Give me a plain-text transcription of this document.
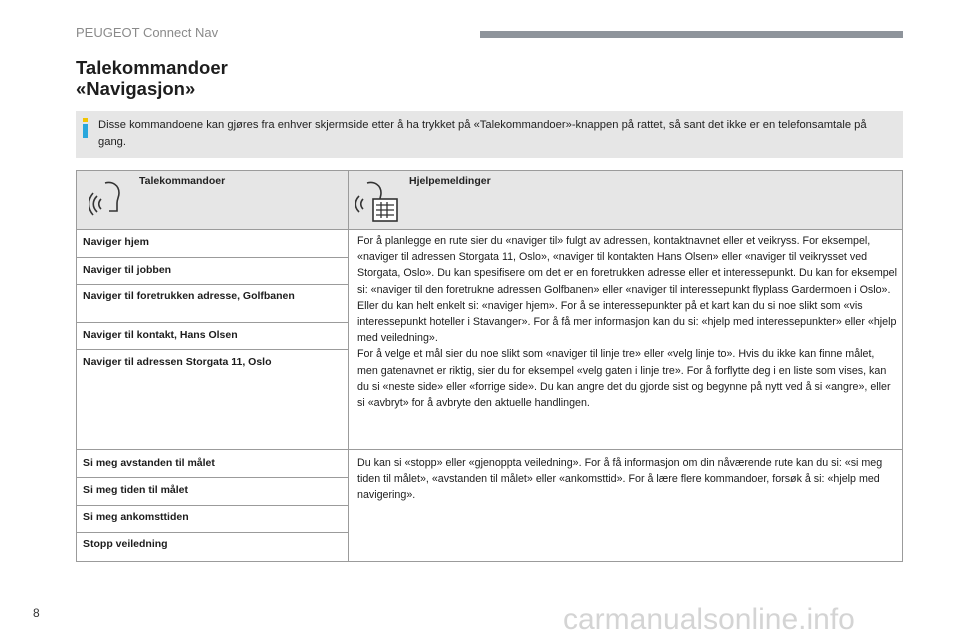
PEUGEOT Connect Nav
Talekommandoer
«Navigasjon»
Disse kommandoene kan gjøres fra enhver skjermside etter å ha trykket på «Talekommandoer»-knappen på rattet, så sant det ikke er en telefonsamtale på gang.
Talekommandoer	Hjelpemeldinger
Naviger hjem
Naviger til jobben
Naviger til foretrukken adresse, Golfbanen
Naviger til kontakt, Hans Olsen
Naviger til adressen Storgata 11, Oslo
For å planlegge en rute sier du «naviger til» fulgt av adressen, kontaktnavnet eller et veikryss. For eksempel, «naviger til adressen Storgata 11, Oslo», «naviger til kontakten Hans Olsen» eller «naviger til veikrysset ved Storgata, Oslo». Du kan spesifisere om det er en foretrukken adresse eller et interessepunkt. Du kan for eksempel si: «naviger til den foretrukne adressen Golfbanen» eller «naviger til interessepunkt flyplass Gardermoen i Oslo». Eller du kan helt enkelt si: «naviger hjem». For å se interessepunkter på et kart kan du si noe slikt som «vis interessepunkt hoteller i Stavanger». For å få mer informasjon kan du si: «hjelp med interessepunkter» eller «hjelp med veiledning».
For å velge et mål sier du noe slikt som «naviger til linje tre» eller «velg linje to». Hvis du ikke kan finne målet, men gatenavnet er riktig, sier du for eksempel «velg gaten i linje tre». For å forflytte deg i en liste som vises, kan du si «neste side» eller «forrige side». Du kan angre det du gjorde sist og begynne på nytt ved å si «angre», eller si «avbryt» for å avbryte den aktuelle handlingen.
Si meg avstanden til målet
Si meg tiden til målet
Si meg ankomsttiden
Stopp veiledning
Du kan si «stopp» eller «gjenoppta veiledning». For å få informasjon om din nåværende rute kan du si: «si meg tiden til målet», «avstanden til målet» eller «ankomsttid». For å lære flere kommandoer, forsøk å si: «hjelp med navigering».
8	carmanualsonline.info
